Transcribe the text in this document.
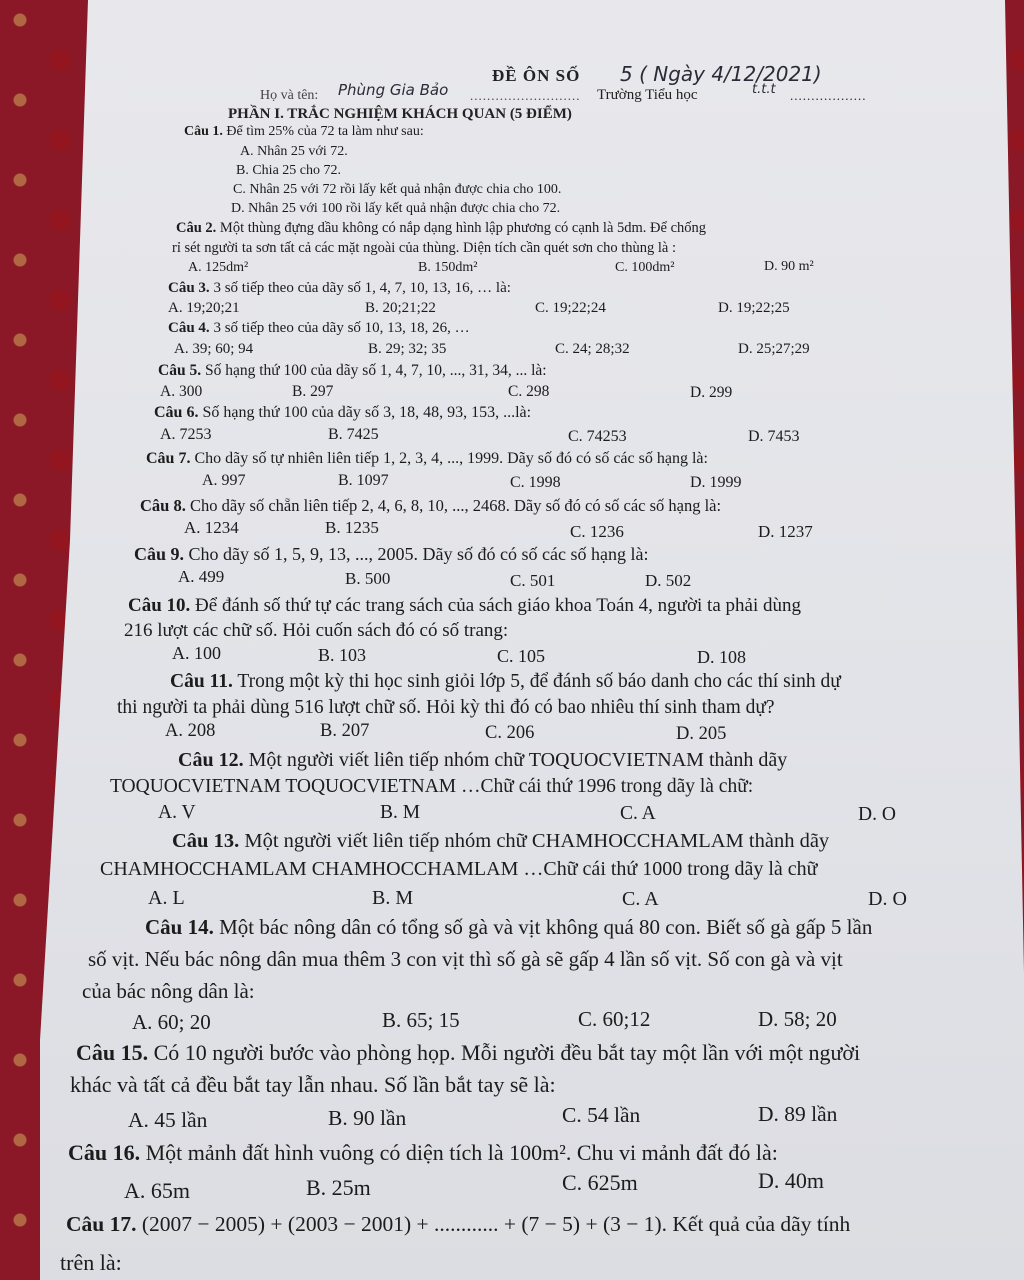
ĐỀ ÔN SỐ 5 ( Ngày 4/12/2021)
Họ và tên: Phùng Gia Bảo .......................... Trường Tiểu học	t.t.t ..................
PHẦN I. TRẮC NGHIỆM KHÁCH QUAN (5 ĐIỂM)
Câu 1. Để tìm 25% của 72 ta làm như sau:
A. Nhân 25 với 72.
B. Chia 25 cho 72.
C. Nhân 25 với 72 rồi lấy kết quả nhận được chia cho 100.
D. Nhân 25 với 100 rồi lấy kết quả nhận được chia cho 72.
Câu 2. Một thùng đựng dầu không có nắp dạng hình lập phương có cạnh là 5dm. Để chống
rỉ sét người ta sơn tất cả các mặt ngoài của thùng. Diện tích cần quét sơn cho thùng là :
A. 125dm²	B. 150dm²	C. 100dm²	D. 90 m²
Câu 3. 3 số tiếp theo của dãy số 1, 4, 7, 10, 13, 16, … là:
A. 19;20;21	B. 20;21;22	C. 19;22;24	D. 19;22;25
Câu 4. 3 số tiếp theo của dãy số 10, 13, 18, 26, …
A. 39; 60; 94	B. 29; 32; 35	C. 24; 28;32	D. 25;27;29
Câu 5. Số hạng thứ 100 của dãy số 1, 4, 7, 10, ..., 31, 34, ... là:
A. 300	B. 297	C. 298	D. 299
Câu 6. Số hạng thứ 100 của dãy số 3, 18, 48, 93, 153, ...là:
A. 7253	B. 7425	C. 74253	D. 7453
Câu 7. Cho dãy số tự nhiên liên tiếp 1, 2, 3, 4, ..., 1999. Dãy số đó có số các số hạng là:
A. 997	B. 1097	C. 1998	D. 1999
Câu 8. Cho dãy số chẵn liên tiếp 2, 4, 6, 8, 10, ..., 2468. Dãy số đó có số các số hạng là:
A. 1234	B. 1235	C. 1236	D. 1237
Câu 9. Cho dãy số 1, 5, 9, 13, ..., 2005. Dãy số đó có số các số hạng là:
A. 499	B. 500	C. 501	D. 502
Câu 10. Để đánh số thứ tự các trang sách của sách giáo khoa Toán 4, người ta phải dùng
216 lượt các chữ số. Hỏi cuốn sách đó có số trang:
A. 100	B. 103	C. 105	D. 108
Câu 11. Trong một kỳ thi học sinh giỏi lớp 5, để đánh số báo danh cho các thí sinh dự
thi người ta phải dùng 516 lượt chữ số. Hỏi kỳ thi đó có bao nhiêu thí sinh tham dự?
A. 208	B. 207	C. 206	D. 205
Câu 12. Một người viết liên tiếp nhóm chữ TOQUOCVIETNAM thành dãy
TOQUOCVIETNAM TOQUOCVIETNAM …Chữ cái thứ 1996 trong dãy là chữ:
A. V	B. M	C. A	D. O
Câu 13. Một người viết liên tiếp nhóm chữ CHAMHOCCHAMLAM thành dãy
CHAMHOCCHAMLAM CHAMHOCCHAMLAM …Chữ cái thứ 1000 trong dãy là chữ
A. L	B. M	C. A	D. O
Câu 14. Một bác nông dân có tổng số gà và vịt không quá 80 con. Biết số gà gấp 5 lần
số vịt. Nếu bác nông dân mua thêm 3 con vịt thì số gà sẽ gấp 4 lần số vịt. Số con gà và vịt
của bác nông dân là:
A. 60; 20	B. 65; 15	C. 60;12	D. 58; 20
Câu 15. Có 10 người bước vào phòng họp. Mỗi người đều bắt tay một lần với một người
khác và tất cả đều bắt tay lẫn nhau. Số lần bắt tay sẽ là:
A. 45 lần	B. 90 lần	C. 54 lần	D. 89 lần
Câu 16. Một mảnh đất hình vuông có diện tích là 100m². Chu vi mảnh đất đó là:
A. 65m	B. 25m	C. 625m	D. 40m
Câu 17. (2007 − 2005) + (2003 − 2001) + ............ + (7 − 5) + (3 − 1). Kết quả của dãy tính
trên là:
